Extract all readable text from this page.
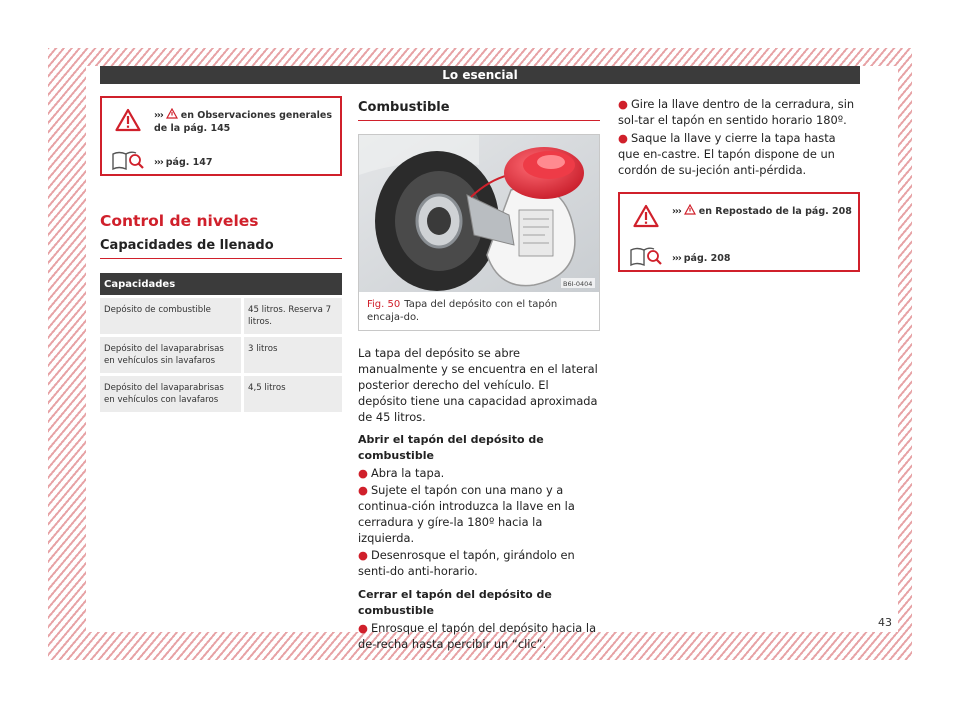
Lo esencial
››› en Observaciones generales de la pág. 145
››› pág. 147
Control de niveles
Capacidades de llenado
Capacidades	
Depósito de combustible	45 litros. Reserva 7 litros.
Depósito del lavaparabrisas en vehículos sin lavafaros	3 litros
Depósito del lavaparabrisas en vehículos con lavafaros	4,5 litros
Combustible
B6I-0404
Fig. 50 Tapa del depósito con el tapón encaja-do.

La tapa del depósito se abre manualmente y se encuentra en el lateral posterior derecho del vehículo. El depósito tiene una capacidad aproximada de 45 litros.

Abrir el tapón del depósito de combustible

● Abra la tapa.

● Sujete el tapón con una mano y a continua-ción introduzca la llave en la cerradura y gíre-la 180º hacia la izquierda.

● Desenrosque el tapón, girándolo en senti-do anti-horario.

Cerrar el tapón del depósito de combustible

● Enrosque el tapón del depósito hacia la de-recha hasta percibir un “clic”.

● Gire la llave dentro de la cerradura, sin sol-tar el tapón en sentido horario 180º.

● Saque la llave y cierre la tapa hasta que en-castre. El tapón dispone de un cordón de su-jeción anti-pérdida.

››› en Repostado de la pág. 208
››› pág. 208
43
